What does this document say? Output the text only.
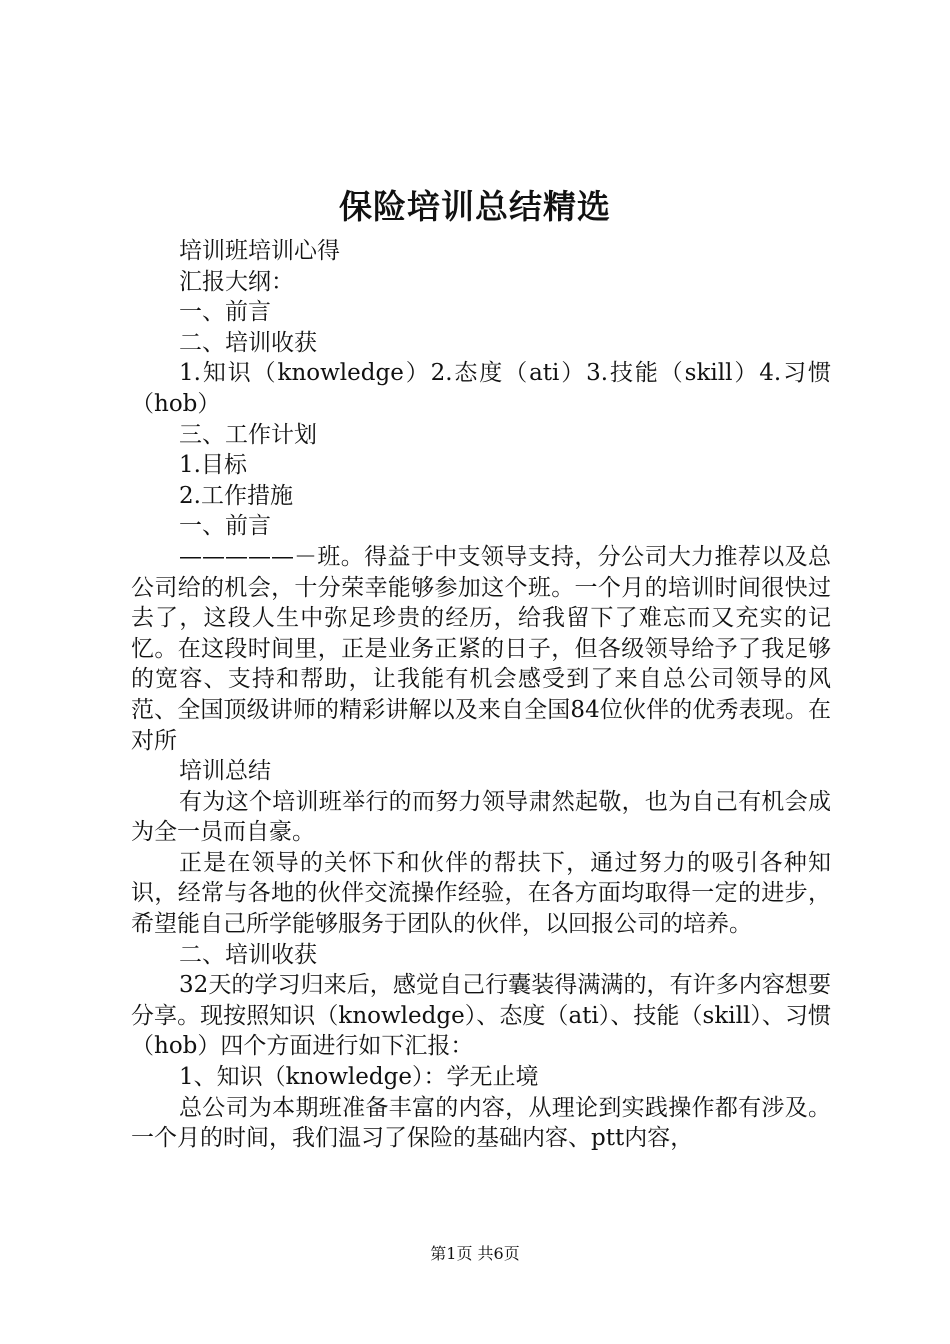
保险培训总结精选

培训班培训心得

汇报大纲：

一、前言

二、培训收获

1.知识（knowledge）2.态度（ati）3.技能（skill）4.习惯（hob）

三、工作计划

1.目标

2.工作措施

一、前言

—————－班。得益于中支领导支持，分公司大力推荐以及总公司给的机会，十分荣幸能够参加这个班。一个月的培训时间很快过去了，这段人生中弥足珍贵的经历，给我留下了难忘而又充实的记忆。在这段时间里，正是业务正紧的日子，但各级领导给予了我足够的宽容、支持和帮助，让我能有机会感受到了来自总公司领导的风范、全国顶级讲师的精彩讲解以及来自全国84位伙伴的优秀表现。在对所

培训总结

有为这个培训班举行的而努力领导肃然起敬，也为自己有机会成为全一员而自豪。

正是在领导的关怀下和伙伴的帮扶下，通过努力的吸引各种知识，经常与各地的伙伴交流操作经验，在各方面均取得一定的进步，希望能自己所学能够服务于团队的伙伴，以回报公司的培养。

二、培训收获

32天的学习归来后，感觉自己行囊装得满满的，有许多内容想要分享。现按照知识（knowledge）、态度（ati）、技能（skill）、习惯（hob）四个方面进行如下汇报：

1、知识（knowledge）：学无止境

总公司为本期班准备丰富的内容，从理论到实践操作都有涉及。一个月的时间，我们温习了保险的基础内容、ptt内容，

第1页 共6页
